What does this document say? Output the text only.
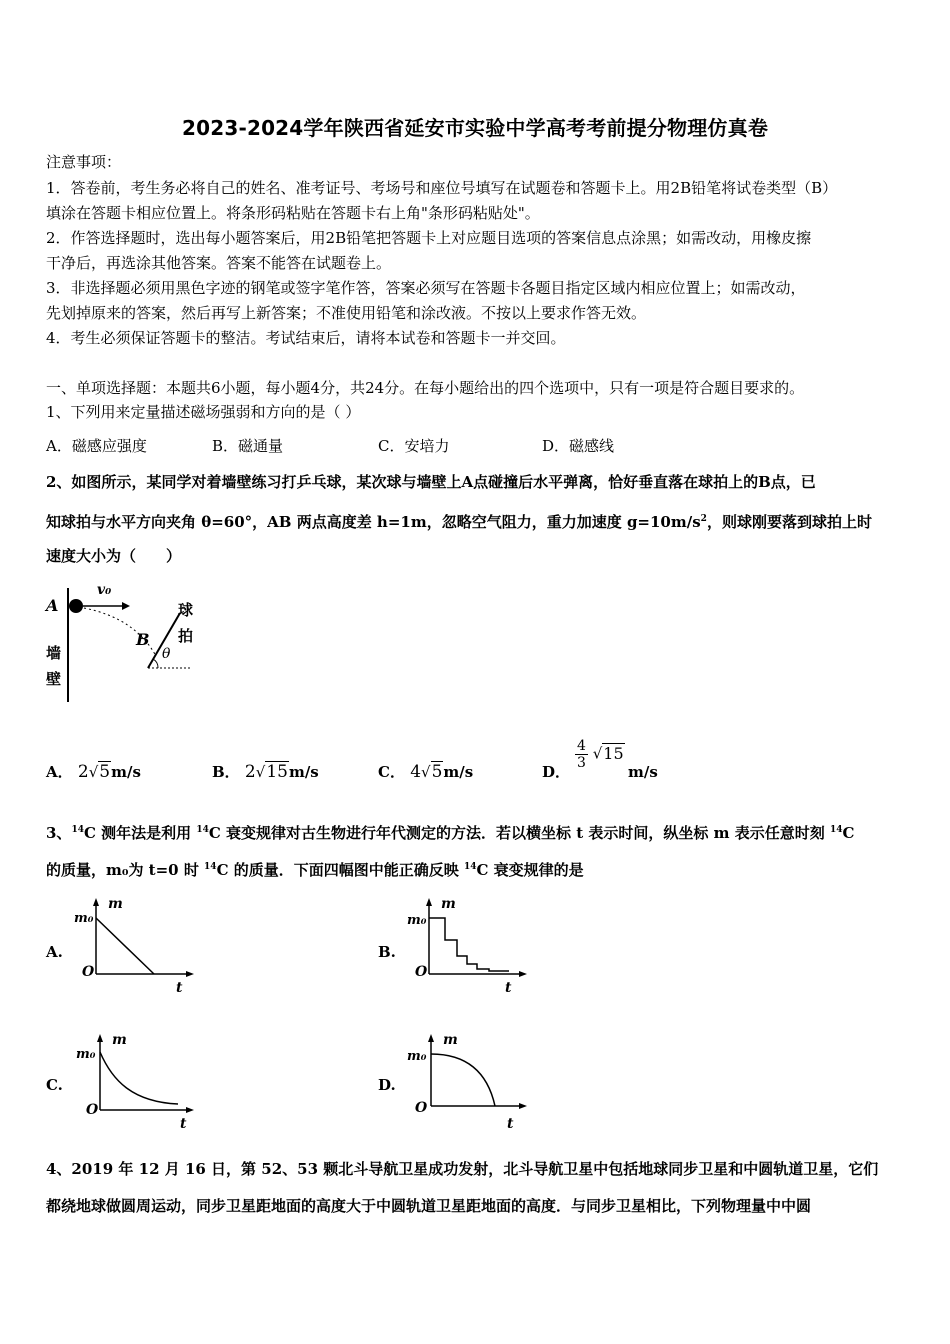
2023-2024学年陕西省延安市实验中学高考考前提分物理仿真卷
注意事项：
1．答卷前，考生务必将自己的姓名、准考证号、考场号和座位号填写在试题卷和答题卡上。用2B铅笔将试卷类型（B）
填涂在答题卡相应位置上。将条形码粘贴在答题卡右上角"条形码粘贴处"。
2．作答选择题时，选出每小题答案后，用2B铅笔把答题卡上对应题目选项的答案信息点涂黑；如需改动，用橡皮擦
干净后，再选涂其他答案。答案不能答在试题卷上。
3．非选择题必须用黑色字迹的钢笔或签字笔作答，答案必须写在答题卡各题目指定区域内相应位置上；如需改动，
先划掉原来的答案，然后再写上新答案；不准使用铅笔和涂改液。不按以上要求作答无效。
4．考生必须保证答题卡的整洁。考试结束后，请将本试卷和答题卡一并交回。
一、单项选择题：本题共6小题，每小题4分，共24分。在每小题给出的四个选项中，只有一项是符合题目要求的。
1、下列用来定量描述磁场强弱和方向的是（ ）
A．磁感应强度	B．磁通量	C．安培力	D．磁感线
2、如图所示，某同学对着墙壁练习打乒乓球，某次球与墙壁上A点碰撞后水平弹离，恰好垂直落在球拍上的B点，已
知球拍与水平方向夹角 θ=60°，AB 两点高度差 h=1m，忽略空气阻力，重力加速度 $g=10m/s^2$，则球刚要落到球拍上时
速度大小为（　　）
A
v₀
B
θ
墙
壁
球
拍
A． 2√5m/s	B． 2√15m/s	C． 4√5m/s	D．
$\frac{4}{3} √15$
m/s
3、$^{14}$C 测年法是利用 $^{14}$C 衰变规律对古生物进行年代测定的方法．若以横坐标 t 表示时间，纵坐标 m 表示任意时刻 $^{14}$C
的质量，m₀为 t=0 时 $^{14}$C 的质量．下面四幅图中能正确反映 $^{14}$C 衰变规律的是
A.
m
m₀
O
t
B.
m
m₀
O
t
C.
m
m₀
O
t
D.
m
m₀
O
t
4、2019 年 12 月 16 日，第 52、53 颗北斗导航卫星成功发射，北斗导航卫星中包括地球同步卫星和中圆轨道卫星，它们
都绕地球做圆周运动，同步卫星距地面的高度大于中圆轨道卫星距地面的高度．与同步卫星相比，下列物理量中中圆
